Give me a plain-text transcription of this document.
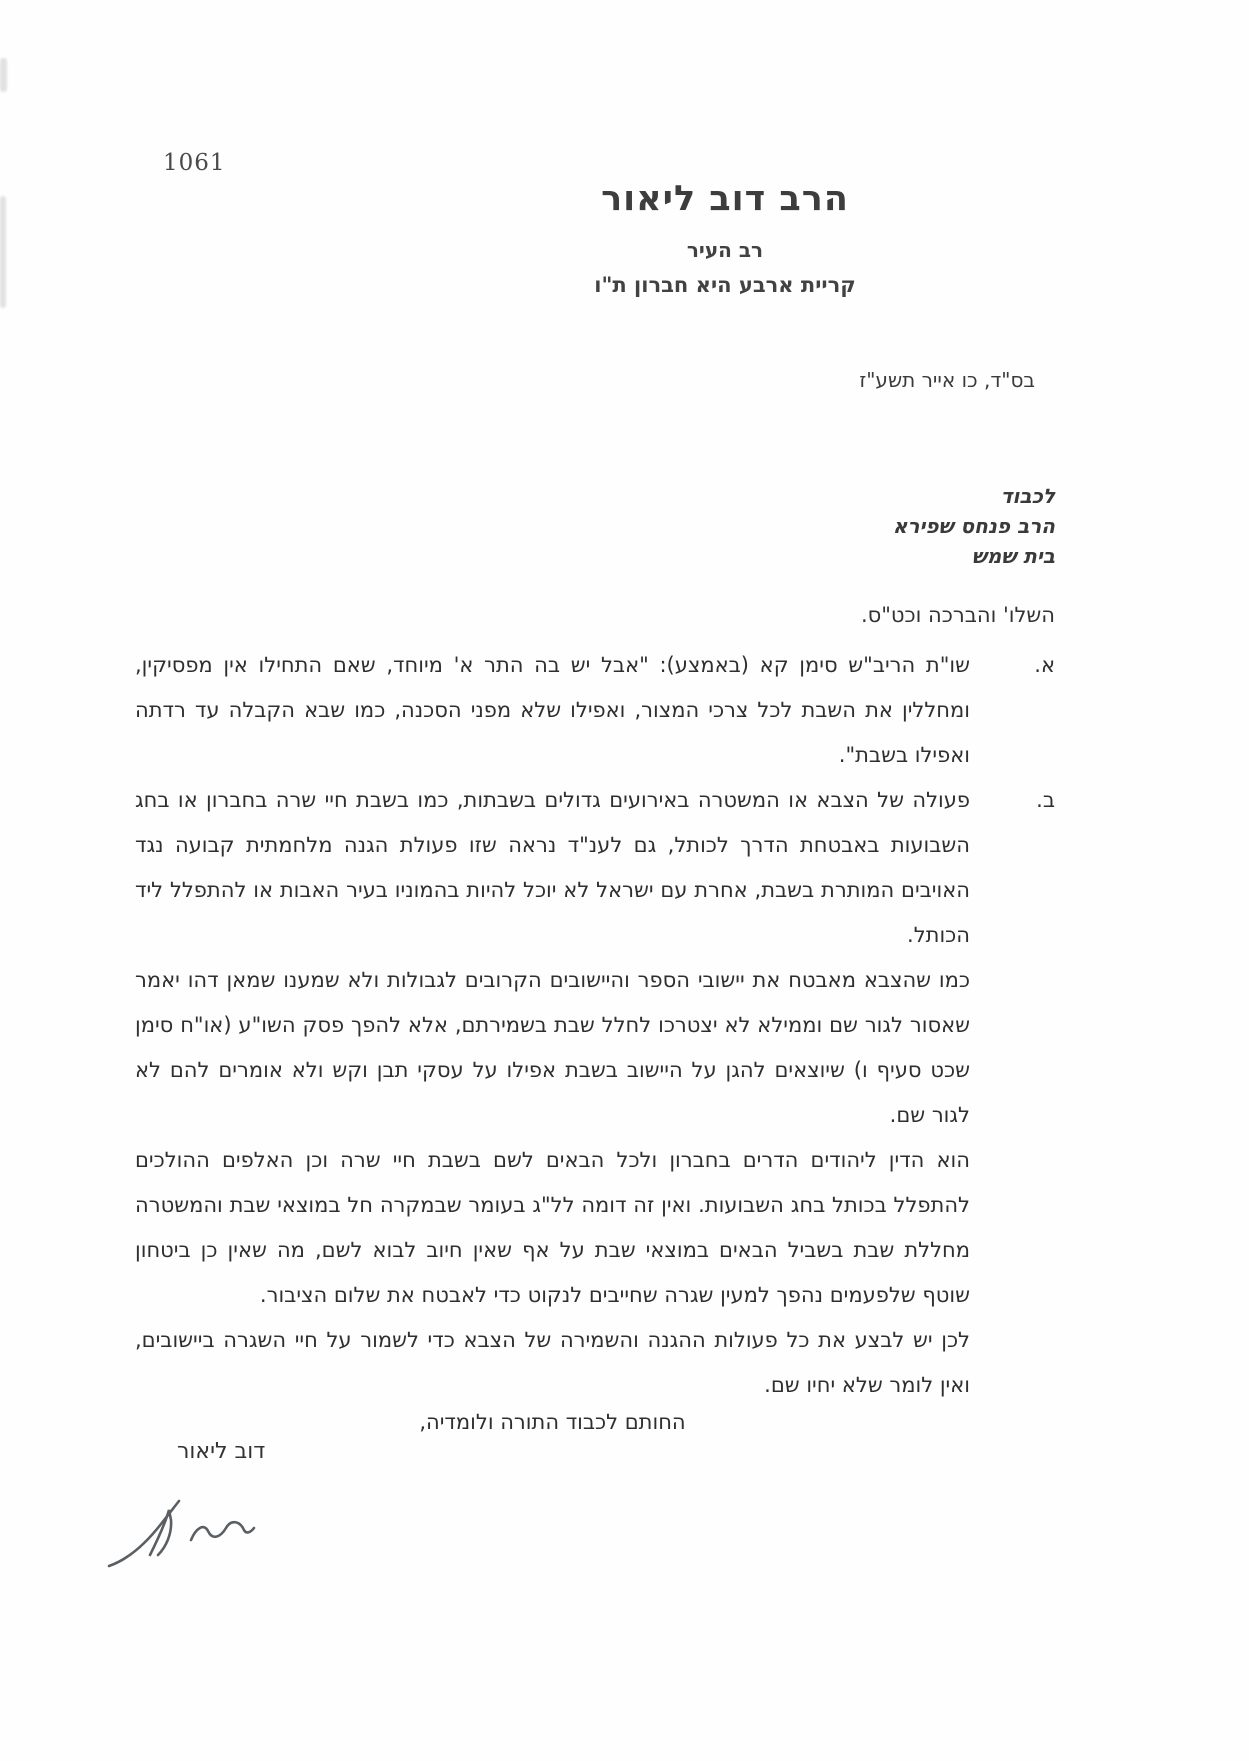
1061
הרב דוב ליאור
רב העיר
קריית ארבע היא חברון ת"ו
בס"ד, כו אייר תשע"ז
לכבוד
הרב פנחס שפירא
בית שמש
השלו' והברכה וכט"ס.
א.
שו"ת הריב"ש סימן קא (באמצע): "אבל יש בה התר א' מיוחד, שאם התחילו אין מפסיקין, ומחללין את השבת לכל צרכי המצור, ואפילו שלא מפני הסכנה, כמו שבא הקבלה עד רדתה ואפילו בשבת".
ב.
פעולה של הצבא או המשטרה באירועים גדולים בשבתות, כמו בשבת חיי שרה בחברון או בחג השבועות באבטחת הדרך לכותל, גם לענ"ד נראה שזו פעולת הגנה מלחמתית קבועה נגד האויבים המותרת בשבת, אחרת עם ישראל לא יוכל להיות בהמוניו בעיר האבות או להתפלל ליד הכותל.
כמו שהצבא מאבטח את יישובי הספר והיישובים הקרובים לגבולות ולא שמענו שמאן דהו יאמר שאסור לגור שם וממילא לא יצטרכו לחלל שבת בשמירתם, אלא להפך פסק השו"ע (או"ח סימן שכט סעיף ו) שיוצאים להגן על היישוב בשבת אפילו על עסקי תבן וקש ולא אומרים להם לא לגור שם.
הוא הדין ליהודים הדרים בחברון ולכל הבאים לשם בשבת חיי שרה וכן האלפים ההולכים להתפלל בכותל בחג השבועות. ואין זה דומה לל"ג בעומר שבמקרה חל במוצאי שבת והמשטרה מחללת שבת בשביל הבאים במוצאי שבת על אף שאין חיוב לבוא לשם, מה שאין כן ביטחון שוטף שלפעמים נהפך למעין שגרה שחייבים לנקוט כדי לאבטח את שלום הציבור.
לכן יש לבצע את כל פעולות ההגנה והשמירה של הצבא כדי לשמור על חיי השגרה ביישובים, ואין לומר שלא יחיו שם.
החותם לכבוד התורה ולומדיה,
דוב ליאור
